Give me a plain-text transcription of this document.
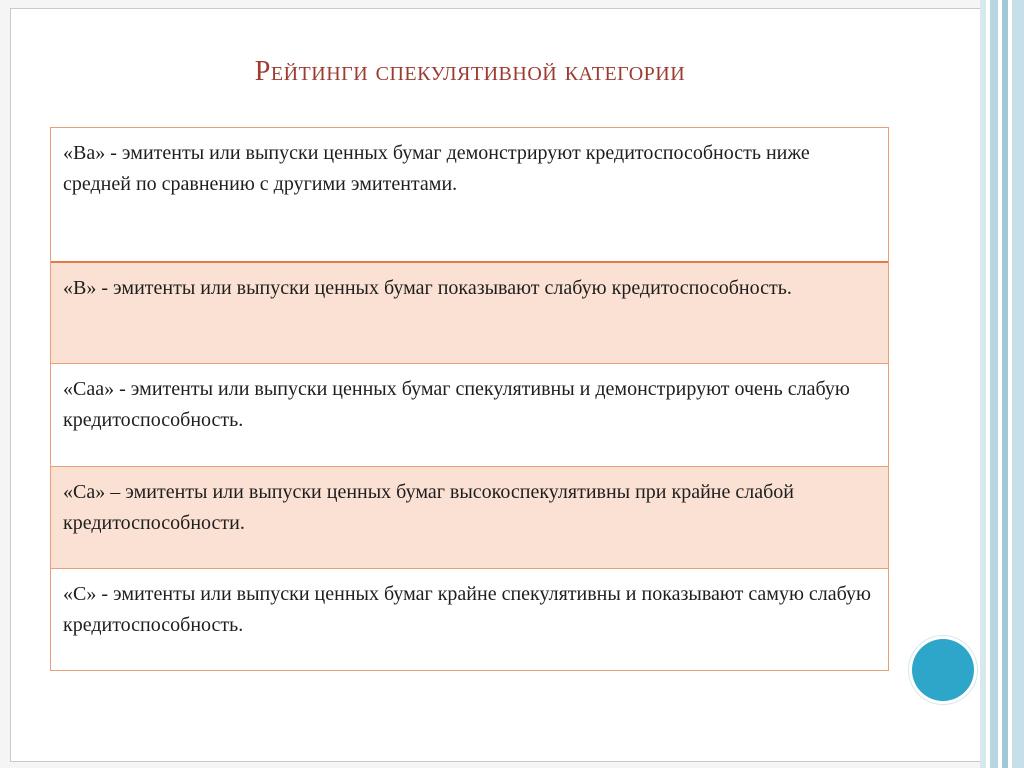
Рейтинги спекулятивной категории
«Ba» - эмитенты или выпуски ценных бумаг демонстрируют кредитоспособность ниже средней по сравнению с другими эмитентами.
«B» - эмитенты или выпуски ценных бумаг показывают слабую кредитоспособность.
«Caa» - эмитенты или выпуски ценных бумаг спекулятивны и демонстрируют очень слабую кредитоспособность.
«Ca» – эмитенты или выпуски ценных бумаг высокоспекулятивны при крайне слабой кредитоспособности.
«C» - эмитенты или выпуски ценных бумаг крайне спекулятивны и показывают самую слабую кредитоспособность.
